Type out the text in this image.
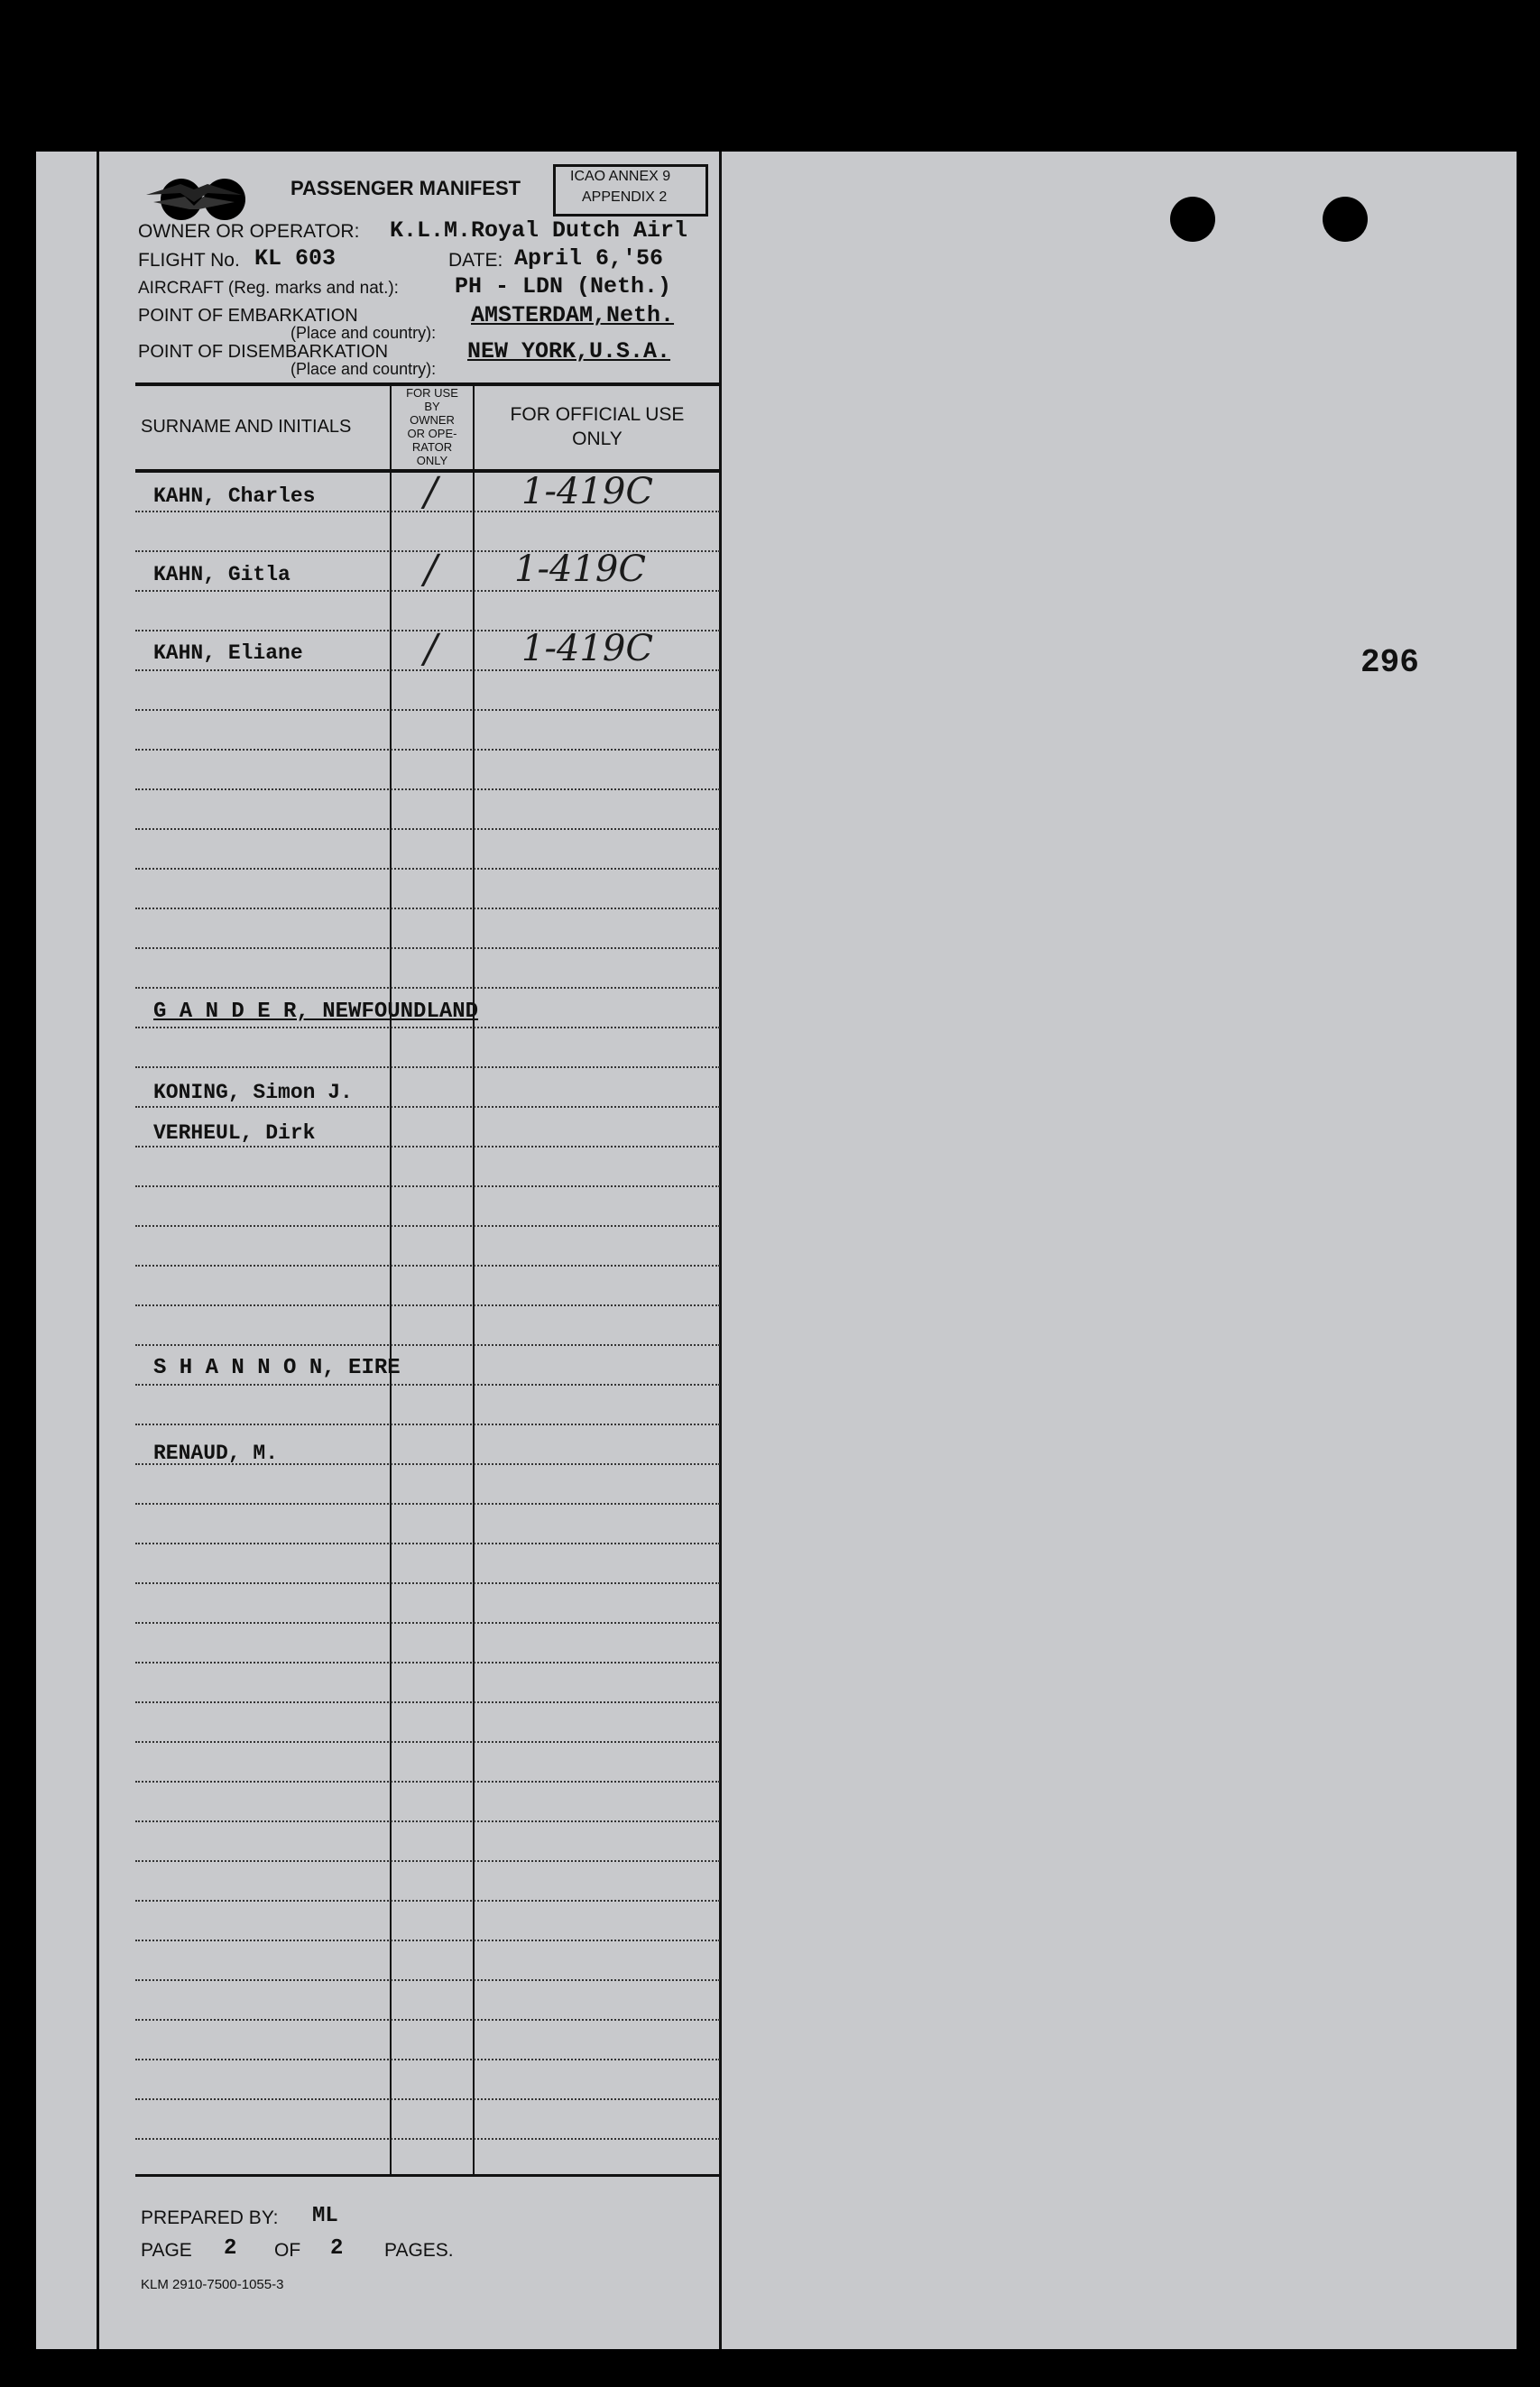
PASSENGER MANIFEST
ICAO ANNEX 9
APPENDIX 2
OWNER OR OPERATOR: K.L.M.Royal Dutch Airl
FLIGHT No. KL 603	DATE: April 6,'56
AIRCRAFT (Reg. marks and nat.): PH - LDN (Neth.)
POINT OF EMBARKATION
(Place and country):
AMSTERDAM,Neth.
POINT OF DISEMBARKATION
(Place and country):
NEW YORK,U.S.A.
SURNAME AND INITIALS
FOR USE
BY
OWNER
OR OPE-
RATOR
ONLY
FOR OFFICIAL USE
ONLY
KAHN, Charles	/ 1-419C
KAHN, Gitla	/ 1-419C
KAHN, Eliane	/ 1-419C
G A N D E R, NEWFOUNDLAND
KONING, Simon J.
VERHEUL, Dirk
S H A N N O N, EIRE
RENAUD, M.
PREPARED BY: ML
PAGE 2 OF 2 PAGES.
KLM 2910-7500-1055-3
296
